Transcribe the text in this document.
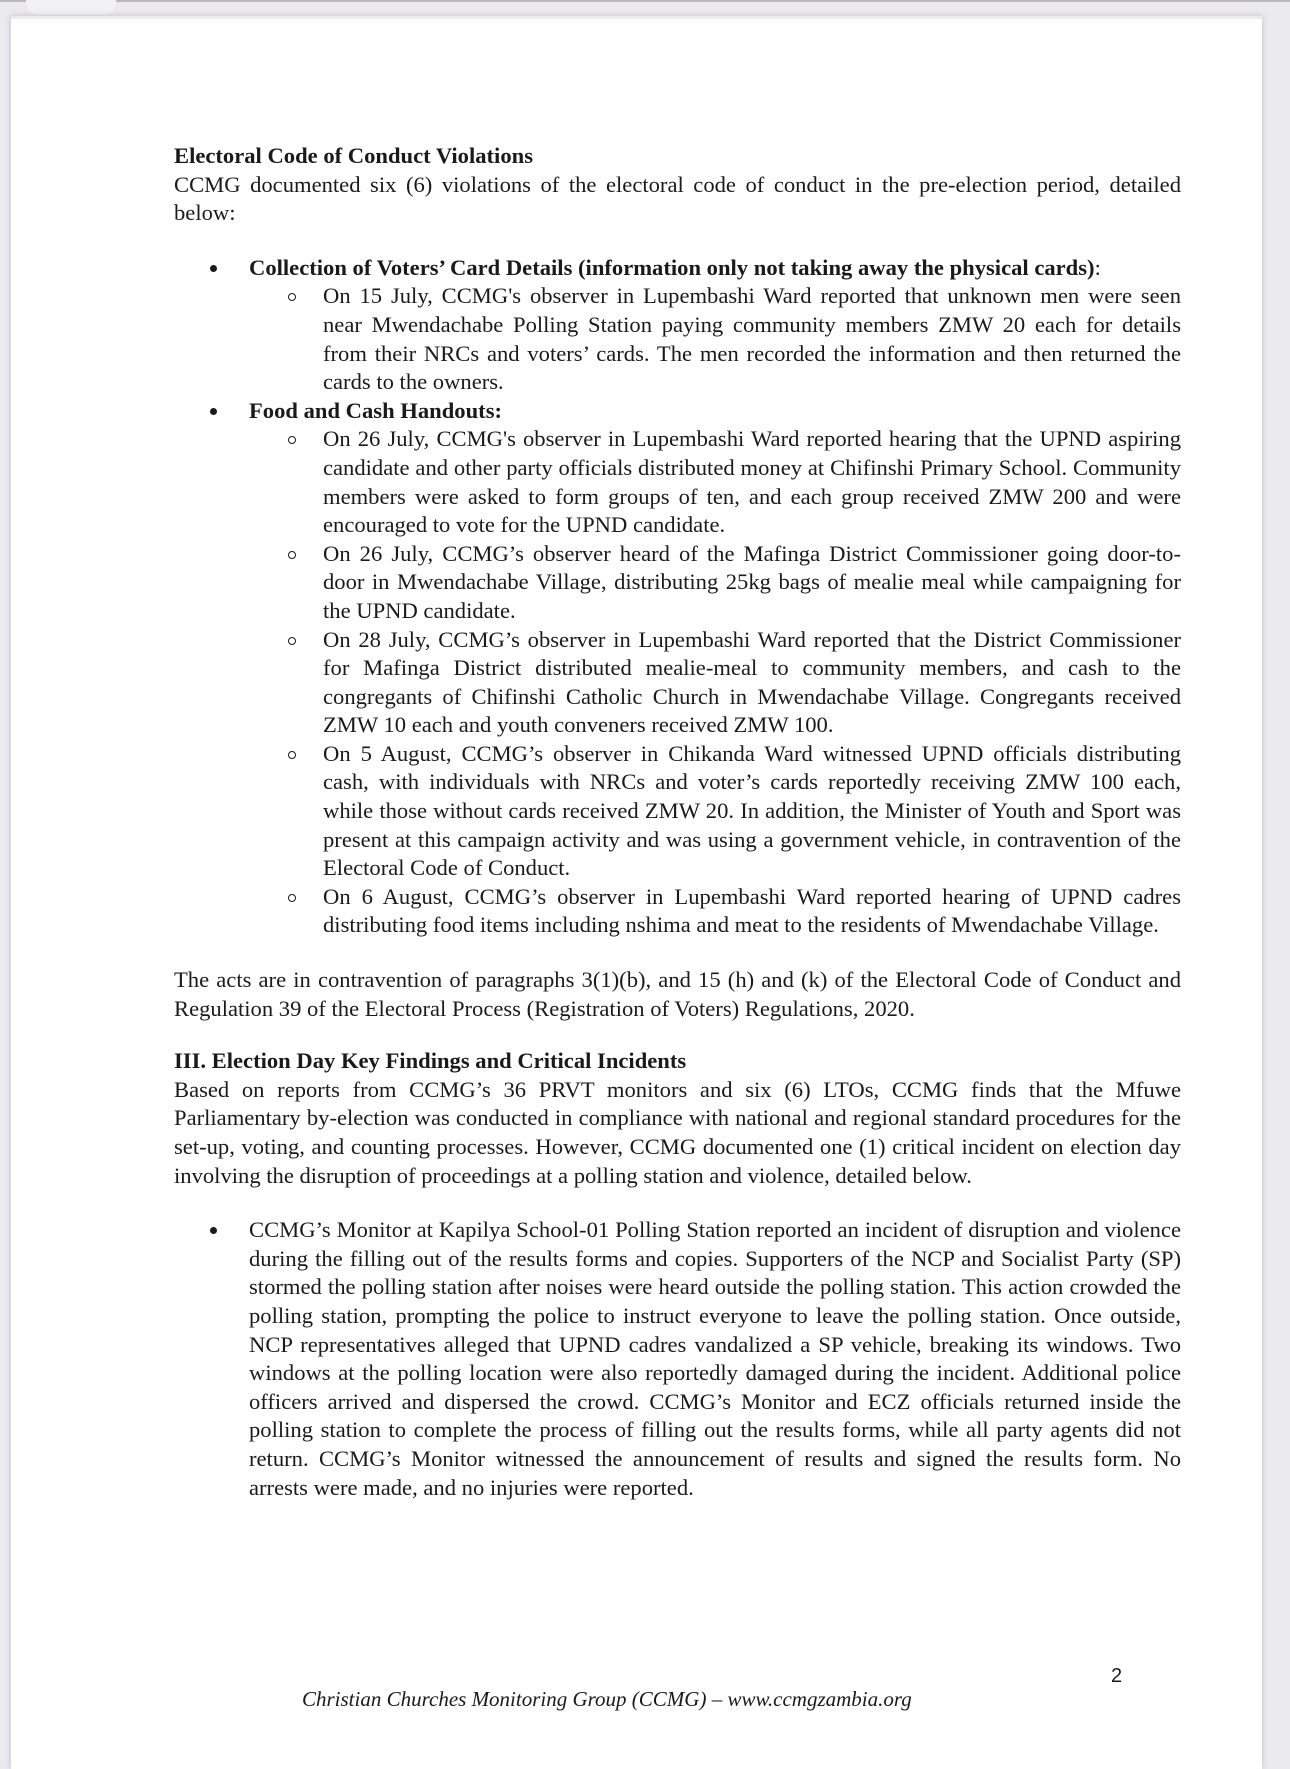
Electoral Code of Conduct Violations

CCMG documented six (6) violations of the electoral code of conduct in the pre-election period, detailed below:

Collection of Voters’ Card Details (information only not taking away the physical cards):
On 15 July, CCMG's observer in Lupembashi Ward reported that unknown men were seen near Mwendachabe Polling Station paying community members ZMW 20 each for details from their NRCs and voters’ cards. The men recorded the information and then returned the cards to the owners.
Food and Cash Handouts:
On 26 July, CCMG's observer in Lupembashi Ward reported hearing that the UPND aspiring candidate and other party officials distributed money at Chifinshi Primary School. Community members were asked to form groups of ten, and each group received ZMW 200 and were encouraged to vote for the UPND candidate.
On 26 July, CCMG’s observer heard of the Mafinga District Commissioner going door-to-door in Mwendachabe Village, distributing 25kg bags of mealie meal while campaigning for the UPND candidate.
On 28 July, CCMG’s observer in Lupembashi Ward reported that the District Commissioner for Mafinga District distributed mealie-meal to community members, and cash to the congregants of Chifinshi Catholic Church in Mwendachabe Village. Congregants received ZMW 10 each and youth conveners received ZMW 100.
On 5 August, CCMG’s observer in Chikanda Ward witnessed UPND officials distributing cash, with individuals with NRCs and voter’s cards reportedly receiving ZMW 100 each, while those without cards received ZMW 20. In addition, the Minister of Youth and Sport was present at this campaign activity and was using a government vehicle, in contravention of the Electoral Code of Conduct.
On 6 August, CCMG’s observer in Lupembashi Ward reported hearing of UPND cadres distributing food items including nshima and meat to the residents of Mwendachabe Village.

The acts are in contravention of paragraphs 3(1)(b), and 15 (h) and (k) of the Electoral Code of Conduct and Regulation 39 of the Electoral Process (Registration of Voters) Regulations, 2020.

III. Election Day Key Findings and Critical Incidents

Based on reports from CCMG’s 36 PRVT monitors and six (6) LTOs, CCMG finds that the Mfuwe Parliamentary by-election was conducted in compliance with national and regional standard procedures for the set-up, voting, and counting processes. However, CCMG documented one (1) critical incident on election day involving the disruption of proceedings at a polling station and violence, detailed below.

CCMG’s Monitor at Kapilya School-01 Polling Station reported an incident of disruption and violence during the filling out of the results forms and copies. Supporters of the NCP and Socialist Party (SP) stormed the polling station after noises were heard outside the polling station. This action crowded the polling station, prompting the police to instruct everyone to leave the polling station. Once outside, NCP representatives alleged that UPND cadres vandalized a SP vehicle, breaking its windows. Two windows at the polling location were also reportedly damaged during the incident. Additional police officers arrived and dispersed the crowd. CCMG’s Monitor and ECZ officials returned inside the polling station to complete the process of filling out the results forms, while all party agents did not return. CCMG’s Monitor witnessed the announcement of results and signed the results form. No arrests were made, and no injuries were reported.
2
Christian Churches Monitoring Group (CCMG) – www.ccmgzambia.org
